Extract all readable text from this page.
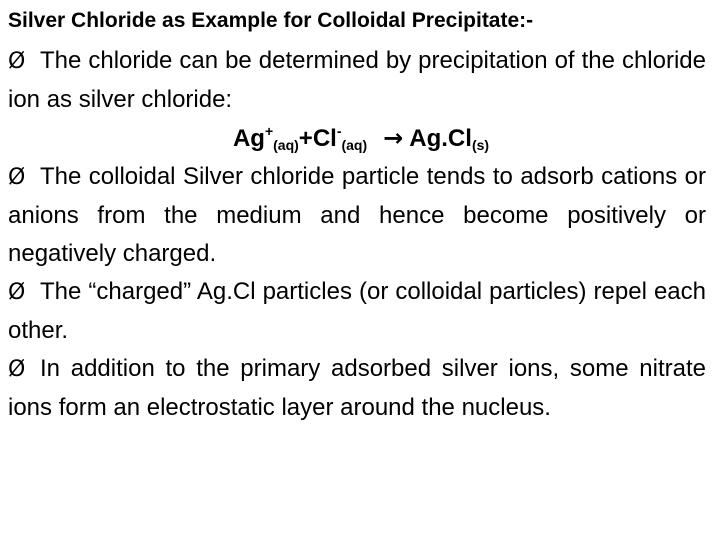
Silver Chloride as Example for Colloidal Precipitate:-

Ø The chloride can be determined by precipitation of the chloride ion as silver chloride:

$Ag^+_{(aq)}+Cl^-_{(aq)} \to Ag.Cl_{(s)}$

Ø The colloidal Silver chloride particle tends to adsorb cations or anions from the medium and hence become positively or negatively charged.

Ø The “charged” Ag.Cl particles (or colloidal particles) repel each other.

Ø In addition to the primary adsorbed silver ions, some nitrate ions form an electrostatic layer around the nucleus.
